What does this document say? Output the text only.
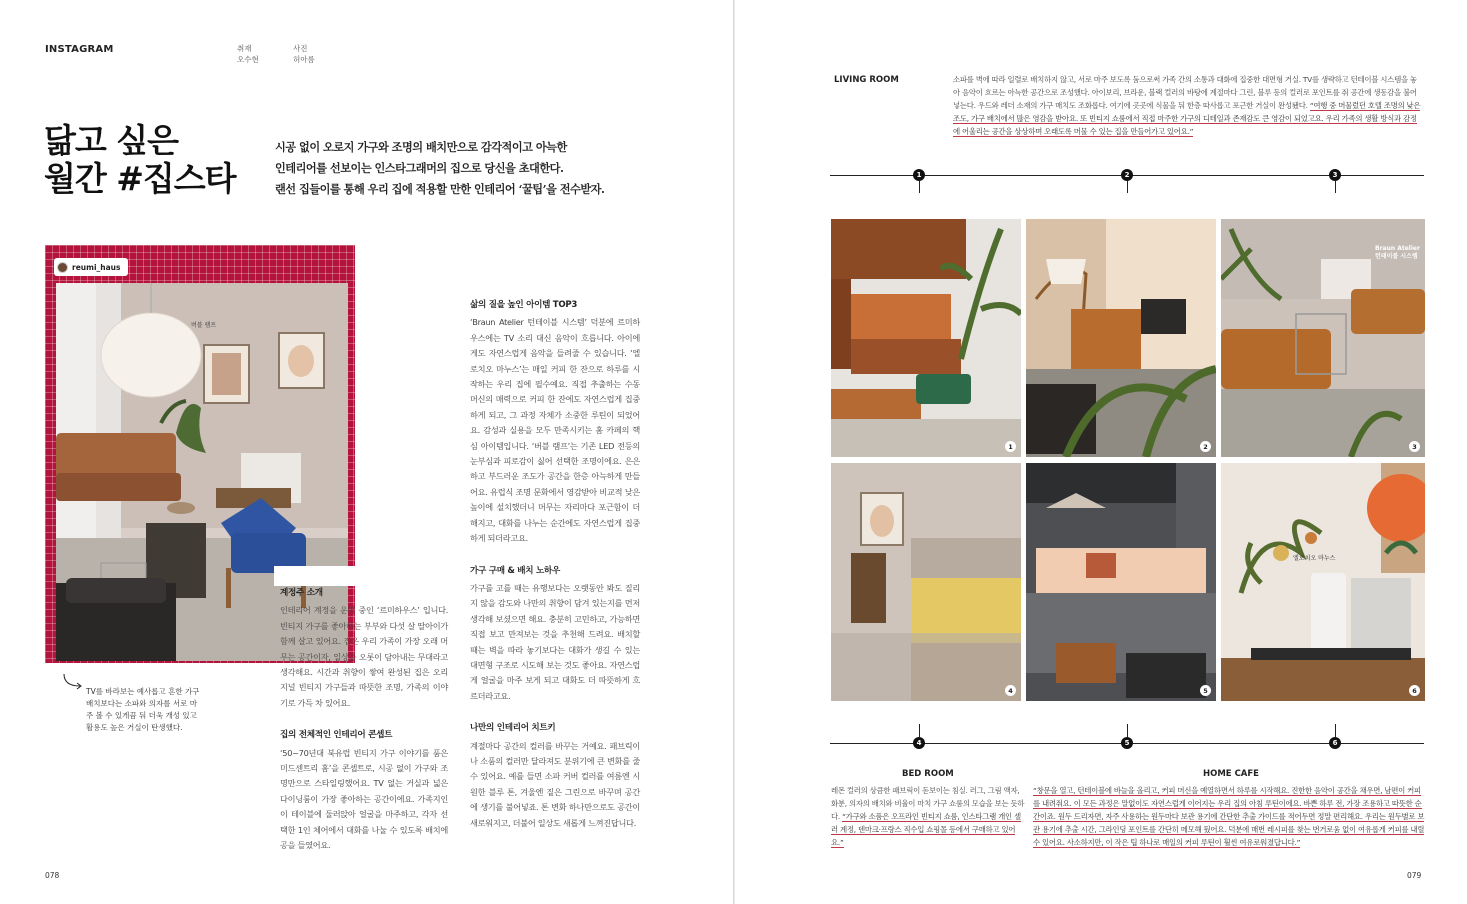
INSTAGRAM	취재
오수현
사진
허아름
닮고 싶은
월간 #집스타
시공 없이 오로지 가구와 조명의 배치만으로 감각적이고 아늑한
인테리어를 선보이는 인스타그래머의 집으로 당신을 초대한다.
랜선 집들이를 통해 우리 집에 적용할 만한 인테리어 ‘꿀팁’을 전수받자.
버블 램프
reumi_haus
TV를 바라보는 예사롭고 흔한 가구 배치보다는 소파와 의자를 서로 마주 볼 수 있게끔 둬 더욱 개성 있고 활용도 높은 거실이 탄생했다.
계정주 소개

인테리어 계정을 운영 중인 ‘르미하우스’ 입니다. 빈티지 가구를 좋아하는 부부와 다섯 살 딸아이가 함께 살고 있어요. 집은 우리 가족이 가장 오래 머무는 공간이자, 일상을 오롯이 담아내는 무대라고 생각해요. 시간과 취향이 쌓여 완성된 집은 오리지널 빈티지 가구들과 따뜻한 조명, 가족의 이야기로 가득 차 있어요.

집의 전체적인 인테리어 콘셉트

‘50~70년대 북유럽 빈티지 가구 이야기를 품은 미드센트리 홈’을 콘셉트로, 시공 없이 가구와 조명만으로 스타일링했어요. TV 없는 거실과 넓은 다이닝룸이 가장 좋아하는 공간이에요. 가족지인이 테이블에 둘러앉아 얼굴을 마주하고, 각자 선택한 1인 체어에서 대화를 나눌 수 있도록 배치에 공을 들였어요.

삶의 질을 높인 아이템 TOP3

‘Braun Atelier 턴테이블 시스템’ 덕분에 르미하우스에는 TV 소리 대신 음악이 흐릅니다. 아이에게도 자연스럽게 음악을 들려줄 수 있습니다. ‘엘로치오 마누스’는 매일 커피 한 잔으로 하루를 시작하는 우리 집에 필수예요. 직접 추출하는 수동 머신의 매력으로 커피 한 잔에도 자연스럽게 집중하게 되고, 그 과정 자체가 소중한 루틴이 되었어요. 감성과 실용을 모두 만족시키는 홈 카페의 핵심 아이템입니다. ‘버블 램프’는 기존 LED 전등의 눈부심과 피로감이 싫어 선택한 조명이에요. 은은하고 부드러운 조도가 공간을 한층 아늑하게 만들어요. 유럽식 조명 문화에서 영감받아 비교적 낮은 높이에 설치했더니 머무는 자리마다 포근함이 더해지고, 대화를 나누는 순간에도 자연스럽게 집중하게 되더라고요.

가구 구매 & 배치 노하우

가구를 고를 때는 유행보다는 오랫동안 봐도 질리지 않을 감도와 나만의 취향이 담겨 있는지를 먼저 생각해 보셨으면 해요. 충분히 고민하고, 가능하면 직접 보고 만져보는 것을 추천해 드려요. 배치할 때는 벽을 따라 놓기보다는 대화가 생길 수 있는 대면형 구조로 시도해 보는 것도 좋아요. 자연스럽게 얼굴을 마주 보게 되고 대화도 더 따뜻하게 흐르더라고요.

나만의 인테리어 치트키

계절마다 공간의 컬러를 바꾸는 거예요. 패브릭이나 소품의 컬러만 달라져도 분위기에 큰 변화를 줄 수 있어요. 예를 들면 소파 커버 컬러를 여름엔 시원한 블루 톤, 겨울엔 짙은 그린으로 바꾸며 공간에 생기를 불어넣죠. 톤 변화 하나만으로도 공간이 새로워지고, 더불어 일상도 새롭게 느껴진답니다.

078
LIVING ROOM	소파를 벽에 따라 일렬로 배치하지 않고, 서로 마주 보도록 둠으로써 가족 간의 소통과 대화에 집중한 대면형 거실. TV를 생략하고 턴테이블 시스템을 놓아 음악이 흐르는 아늑한 공간으로 조성했다. 아이보리, 브라운, 블랙 컬러의 바탕에 계절마다 그린, 블루 등의 컬러로 포인트를 줘 공간에 생동감을 불어 넣는다. 우드와 레더 소재의 가구 매치도 조화롭다. 여기에 곳곳에 식물을 둬 한층 따사롭고 포근한 거실이 완성됐다. “여행 중 머물렀던 호텔 조명의 낮은 조도, 가구 배치에서 많은 영감을 받아요. 또 빈티지 쇼룸에서 직접 마주한 가구의 디테일과 존재감도 큰 영감이 되었고요. 우리 가족의 생활 방식과 감정에 어울리는 공간을 상상하며 오래도록 머물 수 있는 집을 만들어가고 있어요.”
1	2	3
1	2
Braun Atelier
턴테이블 시스템
3
4	5
엘로치오 마누스
6
4	5	6
BED ROOM
레몬 컬러의 상큼한 패브릭이 돋보이는 침실. 러그, 그림 액자, 화분, 의자의 배치와 비율이 마치 가구 쇼룸의 모습을 보는 듯하다. “가구와 소품은 오프라인 빈티지 쇼룸, 인스타그램 개인 셀러 계정, 덴마크·프랑스 직수입 쇼핑몰 등에서 구매하고 있어요.”
HOME CAFE
“창문을 열고, 턴테이블에 바늘을 올리고, 커피 머신을 예열하면서 하루를 시작해요. 진한한 음악이 공간을 채우면, 남편이 커피를 내려줘요. 이 모든 과정은 말없이도 자연스럽게 이어지는 우리 집의 아침 루틴이에요. 바쁜 하루 전, 가장 조용하고 따뜻한 순간이죠. 원두 드리자면, 자주 사용하는 원두마다 보관 용기에 간단한 추출 가이드를 적어두면 정말 편리해요. 우리는 원두별로 보관 용기에 추출 시간, 그라인딩 포인트를 간단히 메모해 뒀어요. 덕분에 매번 레시피를 찾는 번거로움 없이 여유롭게 커피를 내릴 수 있어요. 사소하지만, 이 작은 팁 하나로 매일의 커피 루틴이 훨씬 여유로워졌답니다.”
079
